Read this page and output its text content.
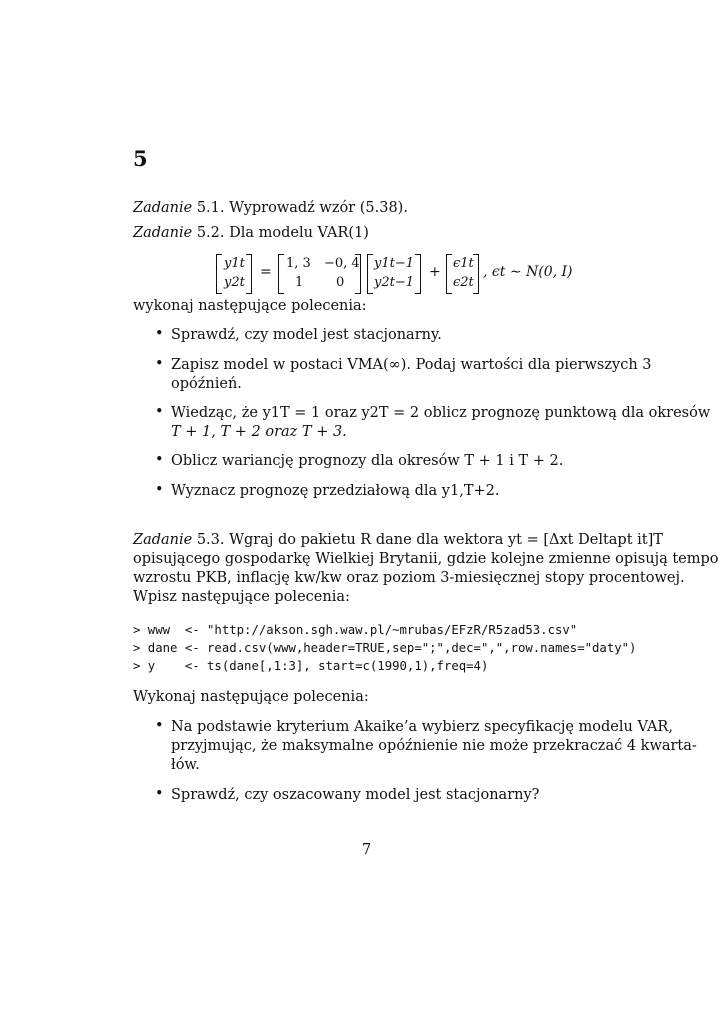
5
Zadanie 5.1. Wyprowadź wzór (5.38).
Zadanie 5.2. Dla modelu VAR(1)
y1t
y2t
=
1, 3 −0, 4
1	0
y1t−1
y2t−1
+
ϵ1t
ϵ2t
, ϵt ∼ N(0, I)
wykonaj następujące polecenia:
• Sprawdź, czy model jest stacjonarny.
• Zapisz model w postaci VMA(∞). Podaj wartości dla pierwszych 3
opóźnień.
• Wiedząc, że y1T = 1 oraz y2T = 2 oblicz prognozę punktową dla okresów
T + 1, T + 2 oraz T + 3.
• Oblicz wariancję prognozy dla okresów T + 1 i T + 2.
• Wyznacz prognozę przedziałową dla y1,T+2.
Zadanie 5.3. Wgraj do pakietu R dane dla wektora yt = [Δxt Deltapt it]T
opisującego gospodarkę Wielkiej Brytanii, gdzie kolejne zmienne opisują tempo
wzrostu PKB, inflację kw/kw oraz poziom 3-miesięcznej stopy procentowej.
Wpisz następujące polecenia:
> www  <- "http://akson.sgh.waw.pl/~mrubas/EFzR/R5zad53.csv"
> dane <- read.csv(www,header=TRUE,sep=";",dec=",",row.names="daty")
> y    <- ts(dane[,1:3], start=c(1990,1),freq=4)
Wykonaj następujące polecenia:
• Na podstawie kryterium Akaike’a wybierz specyfikację modelu VAR,
przyjmując, że maksymalne opóźnienie nie może przekraczać 4 kwarta-
łów.
• Sprawdź, czy oszacowany model jest stacjonarny?
7
